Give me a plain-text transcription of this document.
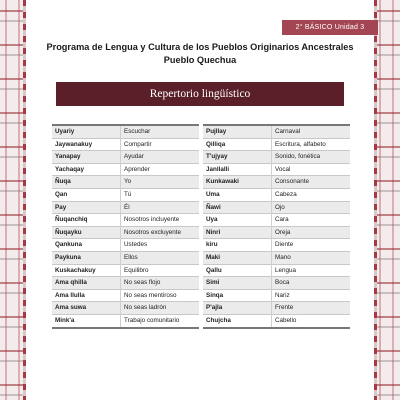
2° BÁSICO Unidad 3
Programa de Lengua y Cultura de los Pueblos Originarios Ancestrales
Pueblo Quechua
Repertorio lingüístico
Uyariy	Escuchar
Jaywanakuy	Compartir
Yanapay	Ayudar
Yachaqay	Aprender
Ñuqa	Yo
Qan	Tú
Pay	Él
Ñuqanchiq	Nosotros incluyente
Ñuqayku	Nosotros excluyente
Qankuna	Ustedes
Paykuna	Ellos
Kuskachakuy	Equilibro
Ama qhilla	No seas flojo
Ama llulla	No seas mentiroso
Ama suwa	No seas ladrón
Mink'a	Trabajo comunitario
Pujllay	Carnaval
Qilliqa	Escritura, alfabeto
T'ujyay	Sonido, fonética
Janllalli	Vocal
Kunkawaki	Consonante
Uma	Cabeza
Ñawi	Ojo
Uya	Cara
Ninri	Oreja
kiru	Diente
Maki	Mano
Qallu	Lengua
Simi	Boca
Sinqa	Nariz
P'ajla	Frente
Chujcha	Cabello
